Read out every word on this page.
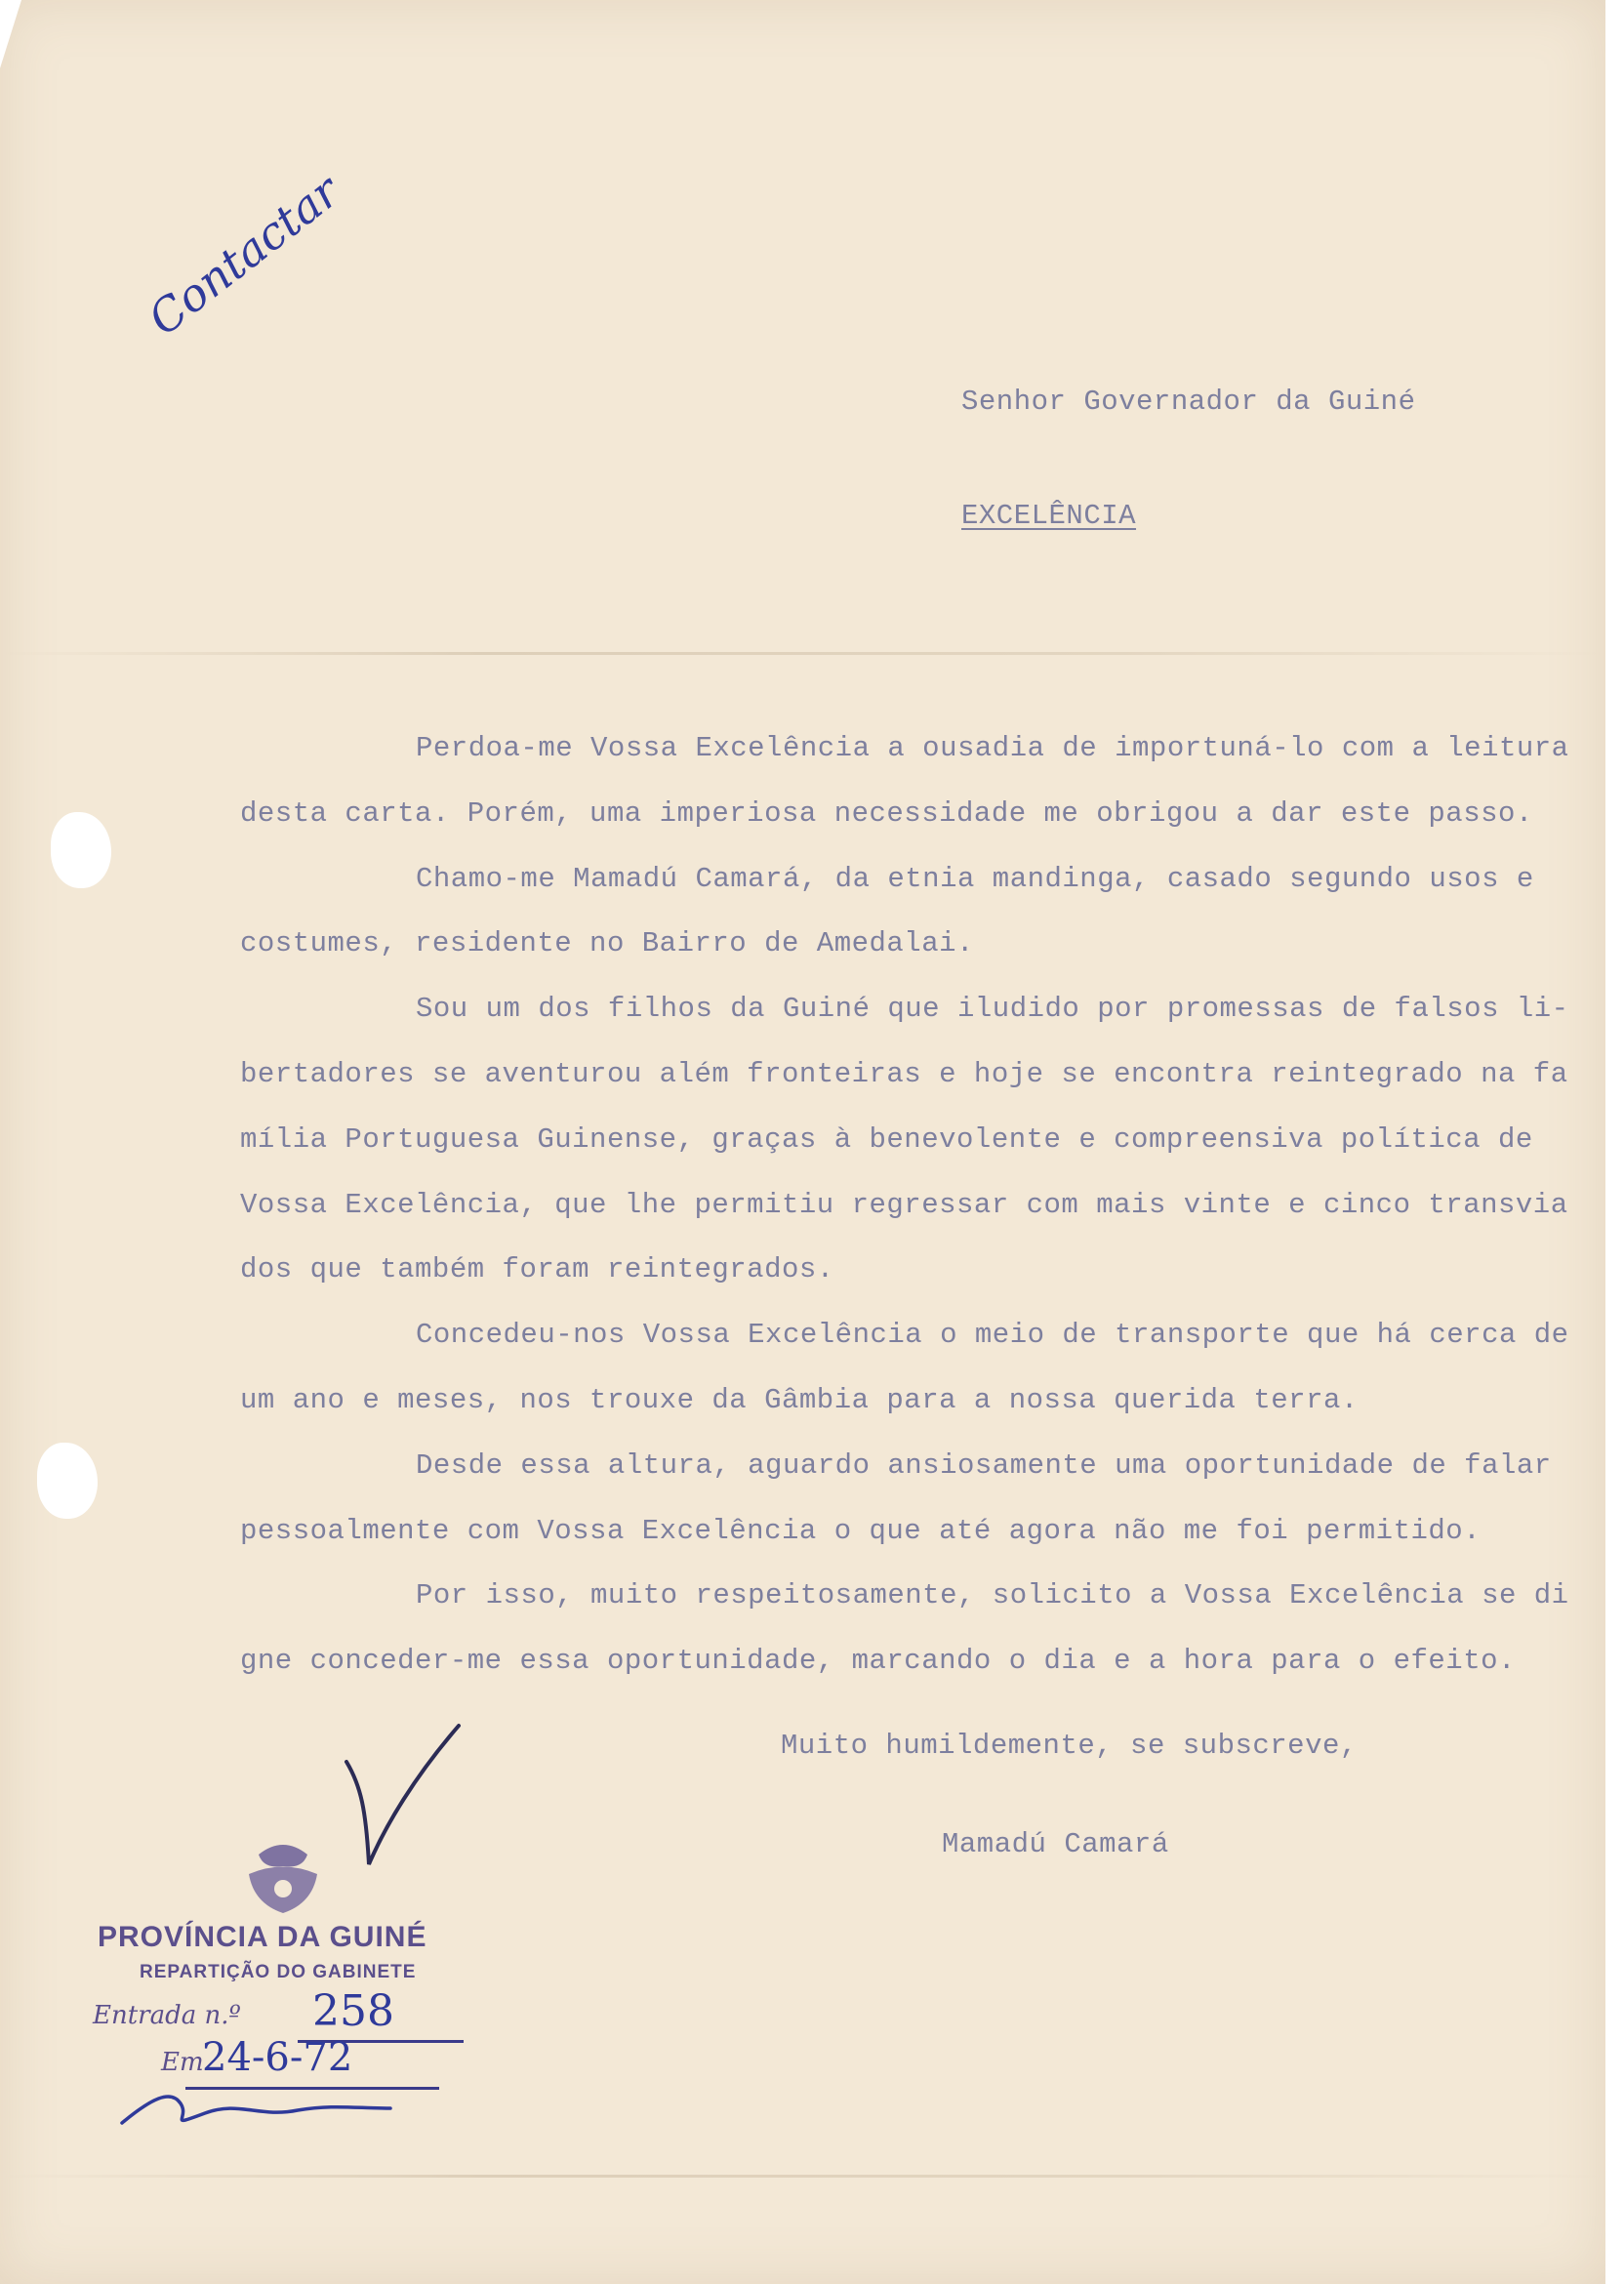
Contactar
Senhor Governador da Guiné
EXCELÊNCIA
Perdoa-me Vossa Excelência a ousadia de importuná-lo com a leitura
desta carta. Porém, uma imperiosa necessidade me obrigou a dar este passo.
Chamo-me Mamadú Camará, da etnia mandinga, casado segundo usos e
costumes, residente no Bairro de Amedalai.
Sou um dos filhos da Guiné que iludido por promessas de falsos li-
bertadores se aventurou além fronteiras e hoje se encontra reintegrado na fa
mília Portuguesa Guinense, graças à benevolente e compreensiva política de
Vossa Excelência, que lhe permitiu regressar com mais vinte e cinco transvia
dos que também foram reintegrados.
Concedeu-nos Vossa Excelência o meio de transporte que há cerca de
um ano e meses, nos trouxe da Gâmbia para a nossa querida terra.
Desde essa altura, aguardo ansiosamente uma oportunidade de falar
pessoalmente com Vossa Excelência o que até agora não me foi permitido.
Por isso, muito respeitosamente, solicito a Vossa Excelência se di
gne conceder-me essa oportunidade, marcando o dia e a hora para o efeito.
Muito humildemente, se subscreve,
Mamadú Camará
PROVÍNCIA DA GUINÉ
REPARTIÇÃO DO GABINETE
Entrada n.º 258
Em
24-6-72
